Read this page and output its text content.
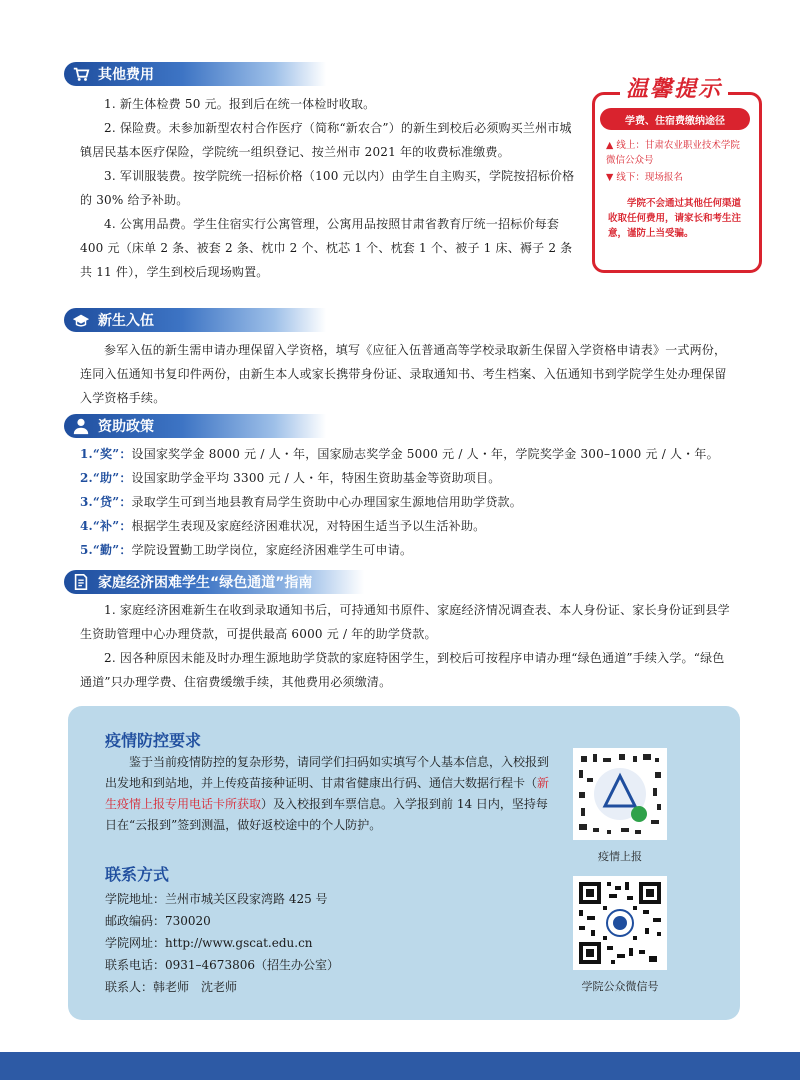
其他费用

1. 新生体检费 50 元。报到后在统一体检时收取。

2. 保险费。未参加新型农村合作医疗（简称“新农合”）的新生到校后必须购买兰州市城镇居民基本医疗保险，学院统一组织登记、按兰州市 2021 年的收费标准缴费。

3. 军训服装费。按学院统一招标价格（100 元以内）由学生自主购买，学院按招标价格的 30% 给予补助。

4. 公寓用品费。学生住宿实行公寓管理，公寓用品按照甘肃省教育厅统一招标价每套 400 元（床单 2 条、被套 2 条、枕巾 2 个、枕芯 1 个、枕套 1 个、被子 1 床、褥子 2 条共 11 件），学生到校后现场购置。

温馨提示
学费、住宿费缴纳途径
▲ 线上：甘肃农业职业技术学院微信公众号
▼ 线下：现场报名
学院不会通过其他任何渠道收取任何费用，请家长和考生注意，谨防上当受骗。
新生入伍

参军入伍的新生需申请办理保留入学资格，填写《应征入伍普通高等学校录取新生保留入学资格申请表》一式两份，连同入伍通知书复印件两份，由新生本人或家长携带身份证、录取通知书、考生档案、入伍通知书到学院学生处办理保留入学资格手续。

资助政策

1.“奖”：设国家奖学金 8000 元 / 人・年，国家励志奖学金 5000 元 / 人・年，学院奖学金 300–1000 元 / 人・年。

2.“助”：设国家助学金平均 3300 元 / 人・年，特困生资助基金等资助项目。

3.“贷”：录取学生可到当地县教育局学生资助中心办理国家生源地信用助学贷款。

4.“补”：根据学生表现及家庭经济困难状况，对特困生适当予以生活补助。

5.“勤”：学院设置勤工助学岗位，家庭经济困难学生可申请。

家庭经济困难学生“绿色通道”指南

1. 家庭经济困难新生在收到录取通知书后，可持通知书原件、家庭经济情况调查表、本人身份证、家长身份证到县学生资助管理中心办理贷款，可提供最高 6000 元 / 年的助学贷款。

2. 因各种原因未能及时办理生源地助学贷款的家庭特困学生，到校后可按程序申请办理“绿色通道”手续入学。“绿色通道”只办理学费、住宿费缓缴手续，其他费用必须缴清。

疫情防控要求
鉴于当前疫情防控的复杂形势，请同学们扫码如实填写个人基本信息，入校报到出发地和到站地，并上传疫苗接种证明、甘肃省健康出行码、通信大数据行程卡（新生疫情上报专用电话卡所获取）及入校报到车票信息。入学报到前 14 日内，坚持每日在“云报到”签到测温，做好返校途中的个人防护。
联系方式
学院地址：兰州市城关区段家湾路 425 号
邮政编码：730020
学院网址：http://www.gscat.edu.cn
联系电话：0931–4673806（招生办公室）
联系人：韩老师　沈老师
疫情上报
学院公众微信号
